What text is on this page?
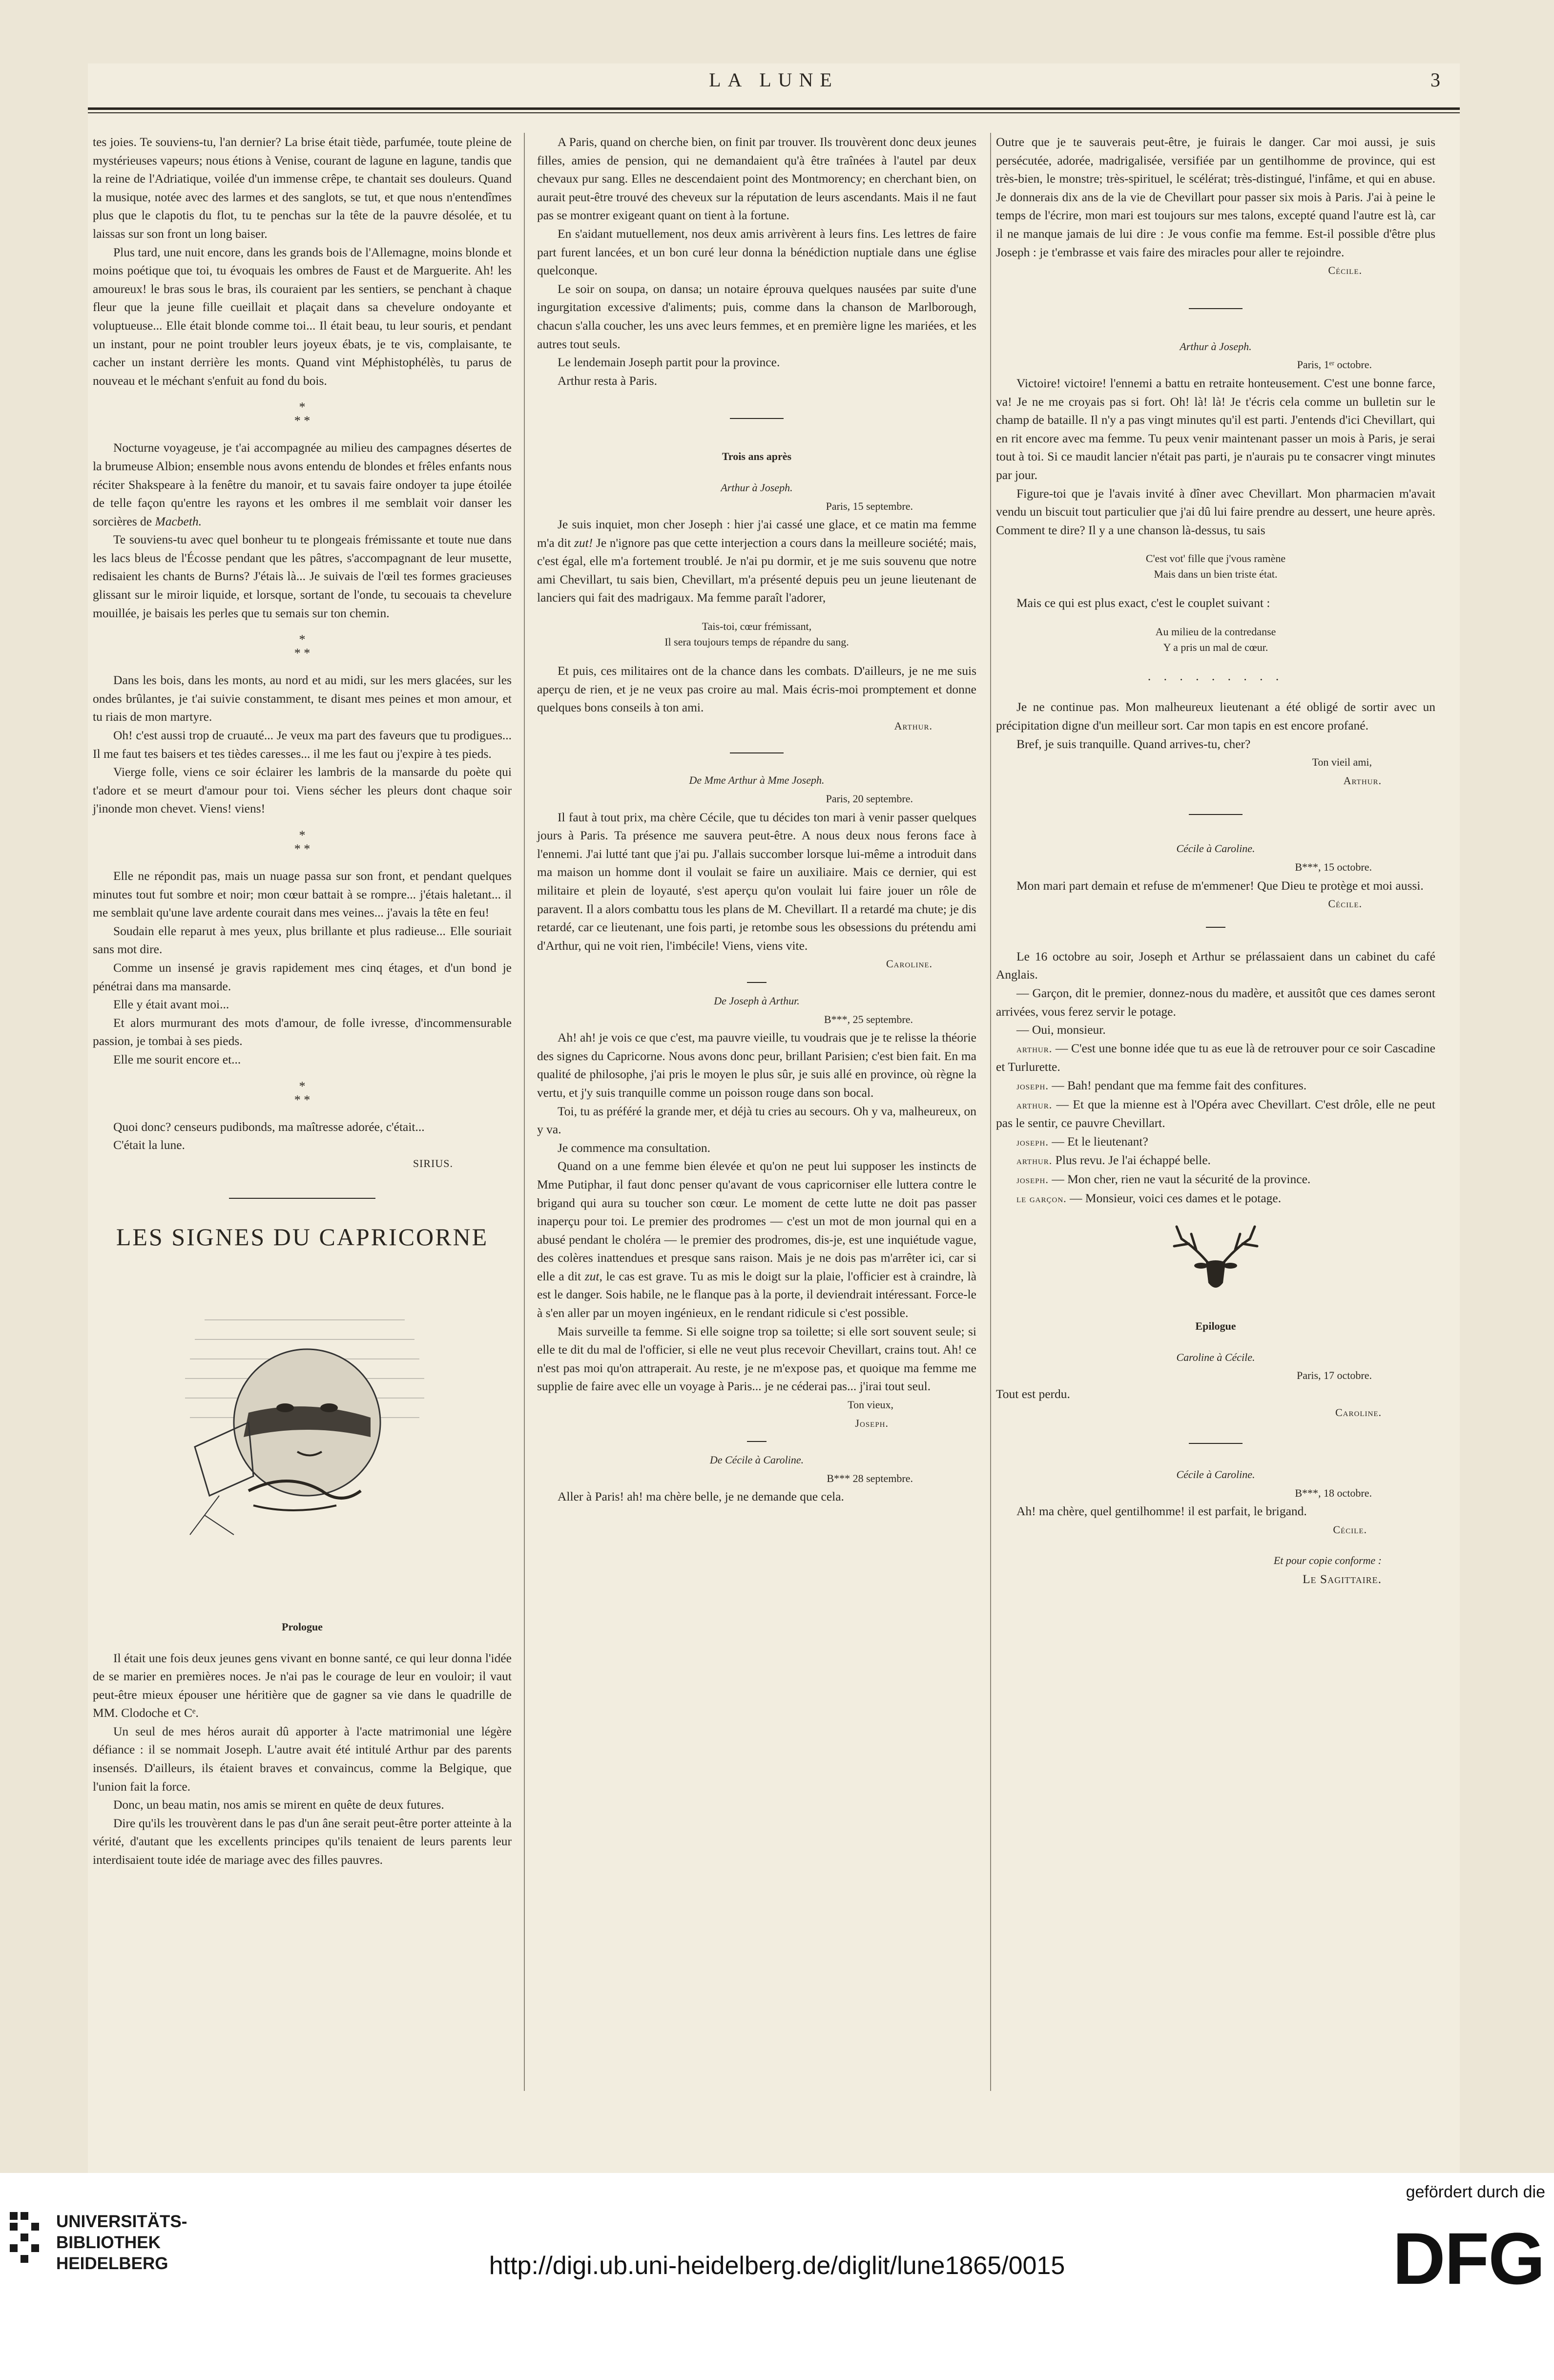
LA LUNE	3

tes joies. Te souviens-tu, l'an dernier? La brise était tiède, parfumée, toute pleine de mystérieuses vapeurs; nous étions à Venise, courant de lagune en lagune, tandis que la reine de l'Adriatique, voilée d'un immense crêpe, te chantait ses douleurs. Quand la musique, notée avec des larmes et des sanglots, se tut, et que nous n'entendîmes plus que le clapotis du flot, tu te penchas sur la tête de la pauvre désolée, et tu laissas sur son front un long baiser.

Plus tard, une nuit encore, dans les grands bois de l'Allemagne, moins blonde et moins poétique que toi, tu évoquais les ombres de Faust et de Marguerite. Ah! les amoureux! le bras sous le bras, ils couraient par les sentiers, se penchant à chaque fleur que la jeune fille cueillait et plaçait dans sa chevelure ondoyante et voluptueuse... Elle était blonde comme toi... Il était beau, tu leur souris, et pendant un instant, pour ne point troubler leurs joyeux ébats, je te vis, complaisante, te cacher un instant derrière les monts. Quand vint Méphistophélès, tu parus de nouveau et le méchant s'enfuit au fond du bois.

*
* *

Nocturne voyageuse, je t'ai accompagnée au milieu des campagnes désertes de la brumeuse Albion; ensemble nous avons entendu de blondes et frêles enfants nous réciter Shakspeare à la fenêtre du manoir, et tu savais faire ondoyer ta jupe étoilée de telle façon qu'entre les rayons et les ombres il me semblait voir danser les sorcières de Macbeth.

Te souviens-tu avec quel bonheur tu te plongeais frémissante et toute nue dans les lacs bleus de l'Écosse pendant que les pâtres, s'accompagnant de leur musette, redisaient les chants de Burns? J'étais là... Je suivais de l'œil tes formes gracieuses glissant sur le miroir liquide, et lorsque, sortant de l'onde, tu secouais ta chevelure mouillée, je baisais les perles que tu semais sur ton chemin.

*
* *

Dans les bois, dans les monts, au nord et au midi, sur les mers glacées, sur les ondes brûlantes, je t'ai suivie constamment, te disant mes peines et mon amour, et tu riais de mon martyre.

Oh! c'est aussi trop de cruauté... Je veux ma part des faveurs que tu prodigues... Il me faut tes baisers et tes tièdes caresses... il me les faut ou j'expire à tes pieds.

Vierge folle, viens ce soir éclairer les lambris de la mansarde du poète qui t'adore et se meurt d'amour pour toi. Viens sécher les pleurs dont chaque soir j'inonde mon chevet. Viens! viens!

*
* *

Elle ne répondit pas, mais un nuage passa sur son front, et pendant quelques minutes tout fut sombre et noir; mon cœur battait à se rompre... j'étais haletant... il me semblait qu'une lave ardente courait dans mes veines... j'avais la tête en feu!

Soudain elle reparut à mes yeux, plus brillante et plus radieuse... Elle souriait sans mot dire.

Comme un insensé je gravis rapidement mes cinq étages, et d'un bond je pénétrai dans ma mansarde.

Elle y était avant moi...

Et alors murmurant des mots d'amour, de folle ivresse, d'incommensurable passion, je tombai à ses pieds.

Elle me sourit encore et...

*
* *

Quoi donc? censeurs pudibonds, ma maîtresse adorée, c'était...

C'était la lune.

SIRIUS.

LES SIGNES DU CAPRICORNE

Prologue

Il était une fois deux jeunes gens vivant en bonne santé, ce qui leur donna l'idée de se marier en premières noces. Je n'ai pas le courage de leur en vouloir; il vaut peut-être mieux épouser une héritière que de gagner sa vie dans le quadrille de MM. Clodoche et Cᵉ.

Un seul de mes héros aurait dû apporter à l'acte matrimonial une légère défiance : il se nommait Joseph. L'autre avait été intitulé Arthur par des parents insensés. D'ailleurs, ils étaient braves et convaincus, comme la Belgique, que l'union fait la force.

Donc, un beau matin, nos amis se mirent en quête de deux futures.

Dire qu'ils les trouvèrent dans le pas d'un âne serait peut-être porter atteinte à la vérité, d'autant que les excellents principes qu'ils tenaient de leurs parents leur interdisaient toute idée de mariage avec des filles pauvres.

A Paris, quand on cherche bien, on finit par trouver. Ils trouvèrent donc deux jeunes filles, amies de pension, qui ne demandaient qu'à être traînées à l'autel par deux chevaux pur sang. Elles ne descendaient point des Montmorency; en cherchant bien, on aurait peut-être trouvé des cheveux sur la réputation de leurs ascendants. Mais il ne faut pas se montrer exigeant quant on tient à la fortune.

En s'aidant mutuellement, nos deux amis arrivèrent à leurs fins. Les lettres de faire part furent lancées, et un bon curé leur donna la bénédiction nuptiale dans une église quelconque.

Le soir on soupa, on dansa; un notaire éprouva quelques nausées par suite d'une ingurgitation excessive d'aliments; puis, comme dans la chanson de Marlborough, chacun s'alla coucher, les uns avec leurs femmes, et en première ligne les mariées, et les autres tout seuls.

Le lendemain Joseph partit pour la province.

Arthur resta à Paris.

Trois ans après

Arthur à Joseph.

Paris, 15 septembre.

Je suis inquiet, mon cher Joseph : hier j'ai cassé une glace, et ce matin ma femme m'a dit zut! Je n'ignore pas que cette interjection a cours dans la meilleure société; mais, c'est égal, elle m'a fortement troublé. Je n'ai pu dormir, et je me suis souvenu que notre ami Chevillart, tu sais bien, Chevillart, m'a présenté depuis peu un jeune lieutenant de lanciers qui fait des madrigaux. Ma femme paraît l'adorer,

Tais-toi, cœur frémissant,
Il sera toujours temps de répandre du sang.

Et puis, ces militaires ont de la chance dans les combats. D'ailleurs, je ne me suis aperçu de rien, et je ne veux pas croire au mal. Mais écris-moi promptement et donne quelques bons conseils à ton ami.

Arthur.

De Mme Arthur à Mme Joseph.

Paris, 20 septembre.

Il faut à tout prix, ma chère Cécile, que tu décides ton mari à venir passer quelques jours à Paris. Ta présence me sauvera peut-être. A nous deux nous ferons face à l'ennemi. J'ai lutté tant que j'ai pu. J'allais succomber lorsque lui-même a introduit dans ma maison un homme dont il voulait se faire un auxiliaire. Mais ce dernier, qui est militaire et plein de loyauté, s'est aperçu qu'on voulait lui faire jouer un rôle de paravent. Il a alors combattu tous les plans de M. Chevillart. Il a retardé ma chute; je dis retardé, car ce lieutenant, une fois parti, je retombe sous les obsessions du prétendu ami d'Arthur, qui ne voit rien, l'imbécile! Viens, viens vite.

Caroline.

De Joseph à Arthur.

B***, 25 septembre.

Ah! ah! je vois ce que c'est, ma pauvre vieille, tu voudrais que je te relisse la théorie des signes du Capricorne. Nous avons donc peur, brillant Parisien; c'est bien fait. En ma qualité de philosophe, j'ai pris le moyen le plus sûr, je suis allé en province, où règne la vertu, et j'y suis tranquille comme un poisson rouge dans son bocal.

Toi, tu as préféré la grande mer, et déjà tu cries au secours. Oh y va, malheureux, on y va.

Je commence ma consultation.

Quand on a une femme bien élevée et qu'on ne peut lui supposer les instincts de Mme Putiphar, il faut donc penser qu'avant de vous capricorniser elle luttera contre le brigand qui aura su toucher son cœur. Le moment de cette lutte ne doit pas passer inaperçu pour toi. Le premier des prodromes — c'est un mot de mon journal qui en a abusé pendant le choléra — le premier des prodromes, dis-je, est une inquiétude vague, des colères inattendues et presque sans raison. Mais je ne dois pas m'arrêter ici, car si elle a dit zut, le cas est grave. Tu as mis le doigt sur la plaie, l'officier est à craindre, là est le danger. Sois habile, ne le flanque pas à la porte, il deviendrait intéressant. Force-le à s'en aller par un moyen ingénieux, en le rendant ridicule si c'est possible.

Mais surveille ta femme. Si elle soigne trop sa toilette; si elle sort souvent seule; si elle te dit du mal de l'officier, si elle ne veut plus recevoir Chevillart, crains tout. Ah! ce n'est pas moi qu'on attraperait. Au reste, je ne m'expose pas, et quoique ma femme me supplie de faire avec elle un voyage à Paris... je ne céderai pas... j'irai tout seul.

Ton vieux,

Joseph.

De Cécile à Caroline.

B*** 28 septembre.

Aller à Paris! ah! ma chère belle, je ne demande que cela.

Outre que je te sauverais peut-être, je fuirais le danger. Car moi aussi, je suis persécutée, adorée, madrigalisée, versifiée par un gentilhomme de province, qui est très-bien, le monstre; très-spirituel, le scélérat; très-distingué, l'infâme, et qui en abuse. Je donnerais dix ans de la vie de Chevillart pour passer six mois à Paris. J'ai à peine le temps de l'écrire, mon mari est toujours sur mes talons, excepté quand l'autre est là, car il ne manque jamais de lui dire : Je vous confie ma femme. Est-il possible d'être plus Joseph : je t'embrasse et vais faire des miracles pour aller te rejoindre.

Cécile.

Arthur à Joseph.

Paris, 1ᵉʳ octobre.

Victoire! victoire! l'ennemi a battu en retraite honteusement. C'est une bonne farce, va! Je ne me croyais pas si fort. Oh! là! là! Je t'écris cela comme un bulletin sur le champ de bataille. Il n'y a pas vingt minutes qu'il est parti. J'entends d'ici Chevillart, qui en rit encore avec ma femme. Tu peux venir maintenant passer un mois à Paris, je serai tout à toi. Si ce maudit lancier n'était pas parti, je n'aurais pu te consacrer vingt minutes par jour.

Figure-toi que je l'avais invité à dîner avec Chevillart. Mon pharmacien m'avait vendu un biscuit tout particulier que j'ai dû lui faire prendre au dessert, une heure après. Comment te dire? Il y a une chanson là-dessus, tu sais

C'est vot' fille que j'vous ramène
Mais dans un bien triste état.

Mais ce qui est plus exact, c'est le couplet suivant :

Au milieu de la contredanse
Y a pris un mal de cœur.

. . . . . . . . .

Je ne continue pas. Mon malheureux lieutenant a été obligé de sortir avec un précipitation digne d'un meilleur sort. Car mon tapis en est encore profané.

Bref, je suis tranquille. Quand arrives-tu, cher?

Ton vieil ami,

Arthur.

Cécile à Caroline.

B***, 15 octobre.

Mon mari part demain et refuse de m'emmener! Que Dieu te protège et moi aussi.

Cécile.

Le 16 octobre au soir, Joseph et Arthur se prélassaient dans un cabinet du café Anglais.

— Garçon, dit le premier, donnez-nous du madère, et aussitôt que ces dames seront arrivées, vous ferez servir le potage.

— Oui, monsieur.

arthur. — C'est une bonne idée que tu as eue là de retrouver pour ce soir Cascadine et Turlurette.

joseph. — Bah! pendant que ma femme fait des confitures.

arthur. — Et que la mienne est à l'Opéra avec Chevillart. C'est drôle, elle ne peut pas le sentir, ce pauvre Chevillart.

joseph. — Et le lieutenant?

arthur. Plus revu. Je l'ai échappé belle.

joseph. — Mon cher, rien ne vaut la sécurité de la province.

le garçon. — Monsieur, voici ces dames et le potage.

Epilogue

Caroline à Cécile.

Paris, 17 octobre.

Tout est perdu.

Caroline.

Cécile à Caroline.

B***, 18 octobre.

Ah! ma chère, quel gentilhomme! il est parfait, le brigand.

Cécile.

Et pour copie conforme :

Le Sagittaire.

UNIVERSITÄTS-
BIBLIOTHEK
HEIDELBERG	http://digi.ub.uni-heidelberg.de/diglit/lune1865/0015
gefördert durch die
DFG
